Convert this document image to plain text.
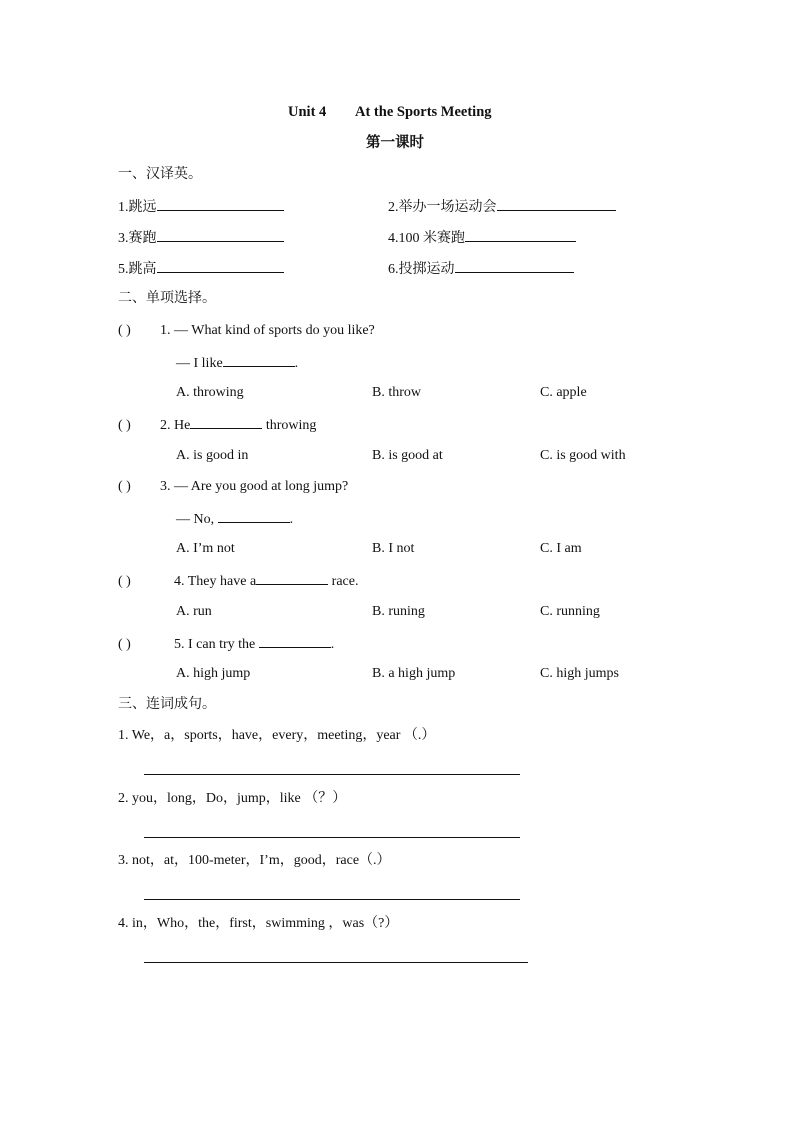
Unit 4 At the Sports Meeting
第一课时
一、汉译英。
1.跳远	2.举办一场运动会
3.赛跑	4.100 米赛跑
5.跳高	6.投掷运动
二、单项选择。
( ) 1. — What kind of sports do you like?
— I like	.
A. throwing	B. throw	C. apple
( ) 2. He	throwing
A. is good in	B. is good at	C. is good with
( ) 3. — Are you good at long jump?
— No,	.
A. I’m not	B. I not	C. I am
( )	4. They have a	race.
A. run	B. runing	C. running
( )	5. I can try the	.
A. high jump	B. a high jump	C. high jumps
三、连词成句。
1. We，a，sports，have，every，meeting，year （.）
2. you，long，Do，jump，like （？）
3. not，at，100-meter，I’m，good，race（.）
4. in，Who，the，first，swimming ，was（?）
